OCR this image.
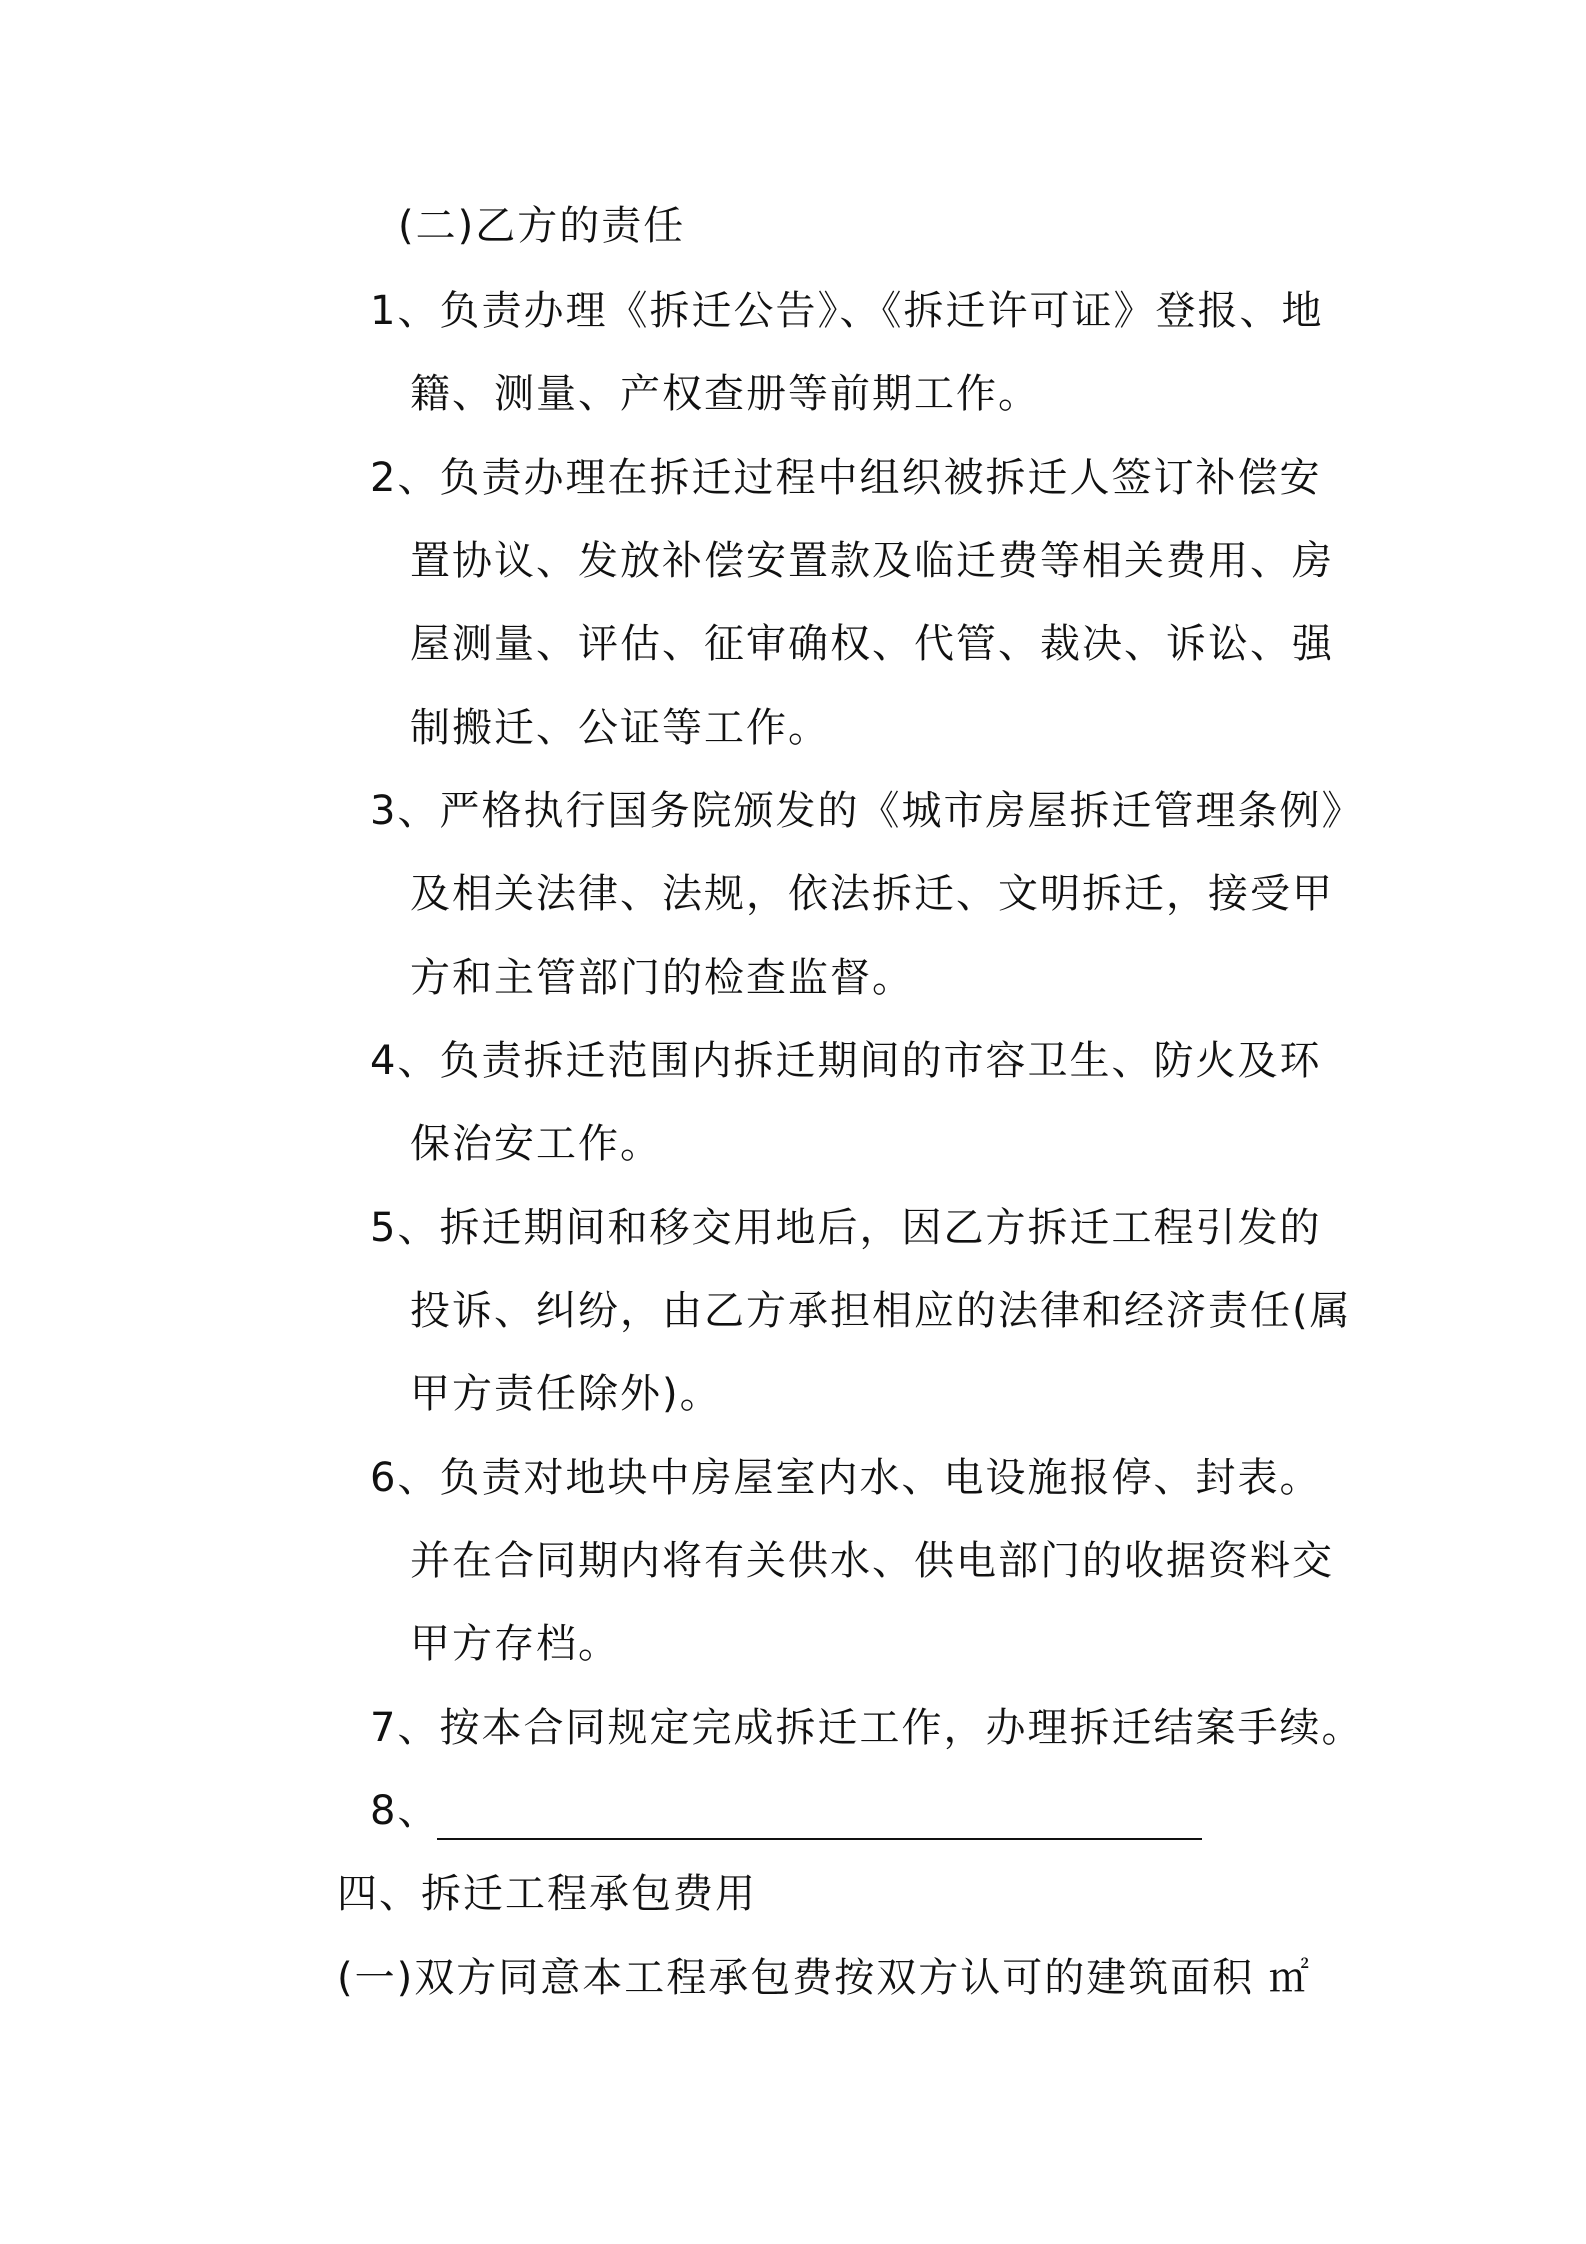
(二)乙方的责任
1、负责办理《拆迁公告》、《拆迁许可证》登报、地
籍、测量、产权查册等前期工作。
2、负责办理在拆迁过程中组织被拆迁人签订补偿安
置协议、发放补偿安置款及临迁费等相关费用、房
屋测量、评估、征审确权、代管、裁决、诉讼、强
制搬迁、公证等工作。
3、严格执行国务院颁发的《城市房屋拆迁管理条例》
及相关法律、法规，依法拆迁、文明拆迁，接受甲
方和主管部门的检查监督。
4、负责拆迁范围内拆迁期间的市容卫生、防火及环
保治安工作。
5、拆迁期间和移交用地后，因乙方拆迁工程引发的
投诉、纠纷，由乙方承担相应的法律和经济责任(属
甲方责任除外)。
6、负责对地块中房屋室内水、电设施报停、封表。
并在合同期内将有关供水、供电部门的收据资料交
甲方存档。
7、按本合同规定完成拆迁工作，办理拆迁结案手续。
8、
四、拆迁工程承包费用
(一)双方同意本工程承包费按双方认可的建筑面积 ㎡
